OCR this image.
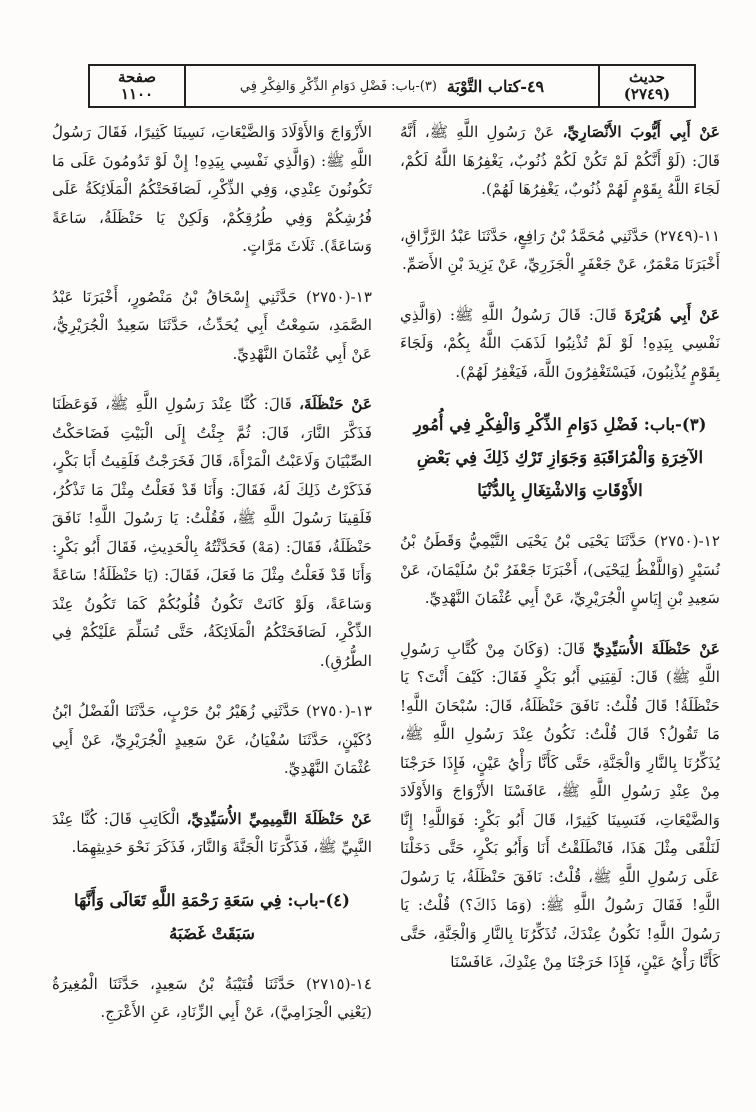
حديث
(٢٧٤٩)
٤٩-كتاب التَّوْبَة
(٣)-باب: فَضْلِ دَوَامِ الذِّكْرِ وَالفِكْرِ فِي
صفحة
١١٠٠

عَنْ أَبِي أَيُّوبَ الأَنْصَارِيِّ، عَنْ رَسُولِ اللَّهِ ﷺ، أَنَّهُ قَالَ: (لَوْ أَنَّكُمْ لَمْ تَكُنْ لَكُمْ ذُنُوبٌ، يَغْفِرُهَا اللَّهُ لَكُمْ، لَجَاءَ اللَّهُ بِقَوْمٍ لَهُمْ ذُنُوبٌ، يَغْفِرُهَا لَهُمْ).

١١-(٢٧٤٩) حَدَّثَنِي مُحَمَّدُ بْنُ رَافِعٍ، حَدَّثَنَا عَبْدُ الرَّزَّاقِ، أَخْبَرَنَا مَعْمَرٌ، عَنْ جَعْفَرٍ الْجَزَرِيِّ، عَنْ يَزِيدَ بْنِ الأَصَمِّ.

عَنْ أَبِي هُرَيْرَةَ قَالَ: قَالَ رَسُولُ اللَّهِ ﷺ: (وَالَّذِي نَفْسِي بِيَدِهِ! لَوْ لَمْ تُذْنِبُوا لَذَهَبَ اللَّهُ بِكُمْ، وَلَجَاءَ بِقَوْمٍ يُذْنِبُونَ، فَيَسْتَغْفِرُونَ اللَّهَ، فَيَغْفِرُ لَهُمْ).

(٣)-باب: فَضْلِ دَوَامِ الذِّكْرِ وَالْفِكْرِ فِي أُمُورِ الآخِرَةِ وَالْمُرَاقَبَةِ وَجَوَازِ تَرْكِ ذَلِكَ فِي بَعْضِ الأَوْقَاتِ وَالاشْتِغَالِ بِالدُّنْيَا

١٢-(٢٧٥٠) حَدَّثَنَا يَحْيَى بْنُ يَحْيَى التَّيْمِيُّ وَقَطَنُ بْنُ نُسَيْرٍ (وَاللَّفْظُ لِيَحْيَى)، أَخْبَرَنَا جَعْفَرُ بْنُ سُلَيْمَانَ، عَنْ سَعِيدِ بْنِ إِيَاسٍ الْجُرَيْرِيِّ، عَنْ أَبِي عُثْمَانَ النَّهْدِيِّ.

عَنْ حَنْظَلَةَ الأُسَيِّدِيِّ قَالَ: (وَكَانَ مِنْ كُتَّابِ رَسُولِ اللَّهِ ﷺ) قَالَ: لَقِيَنِي أَبُو بَكْرٍ فَقَالَ: كَيْفَ أَنْتَ؟ يَا حَنْظَلَةُ! قَالَ قُلْتُ: نَافَقَ حَنْظَلَةُ، قَالَ: سُبْحَانَ اللَّهِ! مَا تَقُولُ؟ قَالَ قُلْتُ: نَكُونُ عِنْدَ رَسُولِ اللَّهِ ﷺ، يُذَكِّرُنَا بِالنَّارِ وَالْجَنَّةِ، حَتَّى كَأَنَّا رَأْيُ عَيْنٍ، فَإِذَا خَرَجْنَا مِنْ عِنْدِ رَسُولِ اللَّهِ ﷺ، عَافَسْنَا الأَزْوَاجَ وَالأَوْلَادَ وَالضَّيْعَاتِ، فَنَسِينَا كَثِيرًا، قَالَ أَبُو بَكْرٍ: فَوَاللَّهِ! إِنَّا لَنَلْقَى مِثْلَ هَذَا، فَانْطَلَقْتُ أَنَا وَأَبُو بَكْرٍ، حَتَّى دَخَلْنَا عَلَى رَسُولِ اللَّهِ ﷺ، قُلْتُ: نَافَقَ حَنْظَلَةُ، يَا رَسُولَ اللَّهِ! فَقَالَ رَسُولُ اللَّهِ ﷺ: (وَمَا ذَاكَ؟) قُلْتُ: يَا رَسُولَ اللَّهِ! نَكُونُ عِنْدَكَ، تُذَكِّرُنَا بِالنَّارِ وَالْجَنَّةِ، حَتَّى كَأَنَّا رَأْيُ عَيْنٍ، فَإِذَا خَرَجْنَا مِنْ عِنْدِكَ، عَافَسْنَا

الأَزْوَاجَ وَالأَوْلَادَ وَالضَّيْعَاتِ، نَسِينَا كَثِيرًا، فَقَالَ رَسُولُ اللَّهِ ﷺ: (وَالَّذِي نَفْسِي بِيَدِهِ! إِنْ لَوْ تَدُومُونَ عَلَى مَا تَكُونُونَ عِنْدِي، وَفِي الذِّكْرِ، لَصَافَحَتْكُمُ الْمَلَائِكَةُ عَلَى فُرُشِكُمْ وَفِي طُرُقِكُمْ، وَلَكِنْ يَا حَنْظَلَةُ، سَاعَةً وَسَاعَةً). ثَلَاثَ مَرَّاتٍ.

١٣-(٢٧٥٠) حَدَّثَنِي إِسْحَاقُ بْنُ مَنْصُورٍ، أَخْبَرَنَا عَبْدُ الصَّمَدِ، سَمِعْتُ أَبِي يُحَدِّثُ، حَدَّثَنَا سَعِيدٌ الْجُرَيْرِيُّ، عَنْ أَبِي عُثْمَانَ النَّهْدِيِّ.

عَنْ حَنْظَلَةَ، قَالَ: كُنَّا عِنْدَ رَسُولِ اللَّهِ ﷺ، فَوَعَظَنَا فَذَكَّرَ النَّارَ، قَالَ: ثُمَّ جِئْتُ إِلَى الْبَيْتِ فَضَاحَكْتُ الصِّبْيَانَ وَلَاعَبْتُ الْمَرْأَةَ، قَالَ فَخَرَجْتُ فَلَقِيتُ أَبَا بَكْرٍ، فَذَكَرْتُ ذَلِكَ لَهُ، فَقَالَ: وَأَنَا قَدْ فَعَلْتُ مِثْلَ مَا تَذْكُرُ، فَلَقِينَا رَسُولَ اللَّهِ ﷺ، فَقُلْتُ: يَا رَسُولَ اللَّهِ! نَافَقَ حَنْظَلَةُ، فَقَالَ: (مَهْ) فَحَدَّثْتُهُ بِالْحَدِيثِ، فَقَالَ أَبُو بَكْرٍ: وَأَنَا قَدْ فَعَلْتُ مِثْلَ مَا فَعَلَ، فَقَالَ: (يَا حَنْظَلَةُ! سَاعَةً وَسَاعَةً، وَلَوْ كَانَتْ تَكُونُ قُلُوبُكُمْ كَمَا تَكُونُ عِنْدَ الذِّكْرِ، لَصَافَحَتْكُمُ الْمَلَائِكَةُ، حَتَّى تُسَلِّمَ عَلَيْكُمْ فِي الطُّرُقِ).

١٣-(٢٧٥٠) حَدَّثَنِي زُهَيْرُ بْنُ حَرْبٍ، حَدَّثَنَا الْفَضْلُ ابْنُ دُكَيْنٍ، حَدَّثَنَا سُفْيَانُ، عَنْ سَعِيدٍ الْجُرَيْرِيِّ، عَنْ أَبِي عُثْمَانَ النَّهْدِيِّ.

عَنْ حَنْظَلَةَ التَّمِيمِيِّ الأُسَيِّدِيِّ، الْكَاتِبِ قَالَ: كُنَّا عِنْدَ النَّبِيِّ ﷺ، فَذَكَّرَنَا الْجَنَّةَ وَالنَّارَ، فَذَكَرَ نَحْوَ حَدِيثِهِمَا.

(٤)-باب: فِي سَعَةِ رَحْمَةِ اللَّهِ تَعَالَى وَأَنَّهَا سَبَقَتْ غَضَبَهُ

١٤-(٢٧١٥) حَدَّثَنَا قُتَيْبَةُ بْنُ سَعِيدٍ، حَدَّثَنَا الْمُغِيرَةُ (يَعْنِي الْحِزَامِيَّ)، عَنْ أَبِي الزِّنَادِ، عَنِ الأَعْرَجِ.
